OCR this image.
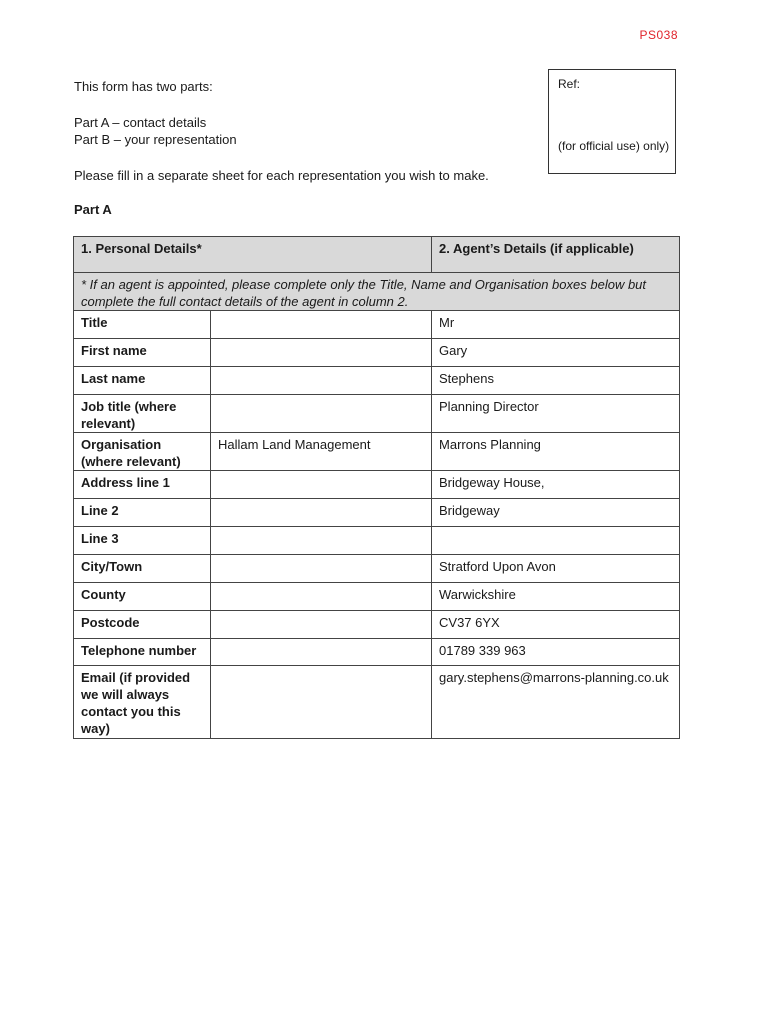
PS038
This form has two parts:
Part A – contact details
Part B – your representation
Please fill in a separate sheet for each representation you wish to make.
Ref:
(for official use) only)
Part A
1. Personal Details*		2. Agent’s Details (if applicable)
* If an agent is appointed, please complete only the Title, Name and Organisation boxes below but complete the full contact details of the agent in column 2.		
Title		Mr
First name		Gary
Last name		Stephens
Job title (where relevant)		Planning Director
Organisation (where relevant)	Hallam Land Management	Marrons Planning
Address line 1		Bridgeway House,
Line 2		Bridgeway
Line 3		
City/Town		Stratford Upon Avon
County		Warwickshire
Postcode		CV37 6YX
Telephone number		01789 339 963
Email (if provided we will always contact you this way)		gary.stephens@marrons-planning.co.uk
